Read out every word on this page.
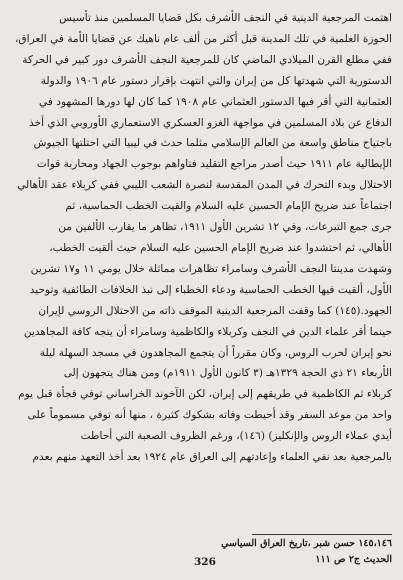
اهتمت المرجعية الدينية في النجف الأشرف بكل قضايا المسلمين منذ تأسيس
الحوزة العلمية في تلك المدينة قبل أكثر من ألف عام ناهيك عن قضايا الأمة في العراق،
ففي مطلع القرن الميلادي الماضي كان للمرجعية النجف الأشرف دور كبير في الحركة
الدستورية التي شهدتها كل من إيران والتي انتهت بإقرار دستور عام ١٩٠٦ والدولة
العثمانية التي أقر فيها الدستور العثماني عام ١٩٠٨ كما كان لها دورها المشهود في
الدفاع عن بلاد المسلمين في مواجهة الغزو العسكري الاستعماري الأوروبي الذي أخذ
باجتياح مناطق واسعة من العالم الإسلامي مثلما حدث في ليبيا التي احتلتها الجيوش
الإيطالية عام ١٩١١ حيث أصدر مراجع التقليد فتاواهم بوجوب الجهاد ومحاربة قوات
الاحتلال وبدء التحرك في المدن المقدسة لنصرة الشعب الليبي ففي كربلاء عقد الأهالي
اجتماعاً عند ضريح الإمام الحسين عليه السلام والقيت الخطب الحماسية، ثم
جرى جمع التبرعات، وفي ١٢ تشرين الأول ١٩١١، تظاهر ما يقارب الألفين من
الأهالي، ثم احتشدوا عند ضريح الإمام الحسين عليه السلام حيث ألقيت الخطب،
وشهدت مدينتا النجف الأشرف وسامراء تظاهرات مماثلة خلال يومي ١١ و١٧ تشرين
الأول، ألقيت فيها الخطب الحماسية ودعاء الخطباء إلى نبذ الخلافات الطائفية وتوحيد
الجهود.(١٤٥) كما وقفت المرجعية الدينية الموقف ذاته من الاحتلال الروسي لإيران
حينما أقر علماء الدين في النجف وكربلاء والكاظمية وسامراء أن يتجه كافة المجاهدين
نحو إيران لحرب الروس، وكان مقرراً أن يتجمع المجاهدون في مسجد السهلة ليلة
الأربعاء ٢١ ذي الحجة ١٣٢٩هـ (٣ كانون الأول ١٩١١م) ومن هناك يتجهون إلى
كربلاء ثم الكاظمية في طريقهم إلى إيران، لكن الآخوند الخراساني توفي فجأة قبل يوم
واحد من موعد السفر وقد أحيطت وفاته بشكوك كثيرة ، منها أنه توفي مسموماً على
أيدي عملاء الروس والإنكليز) (١٤٦)، ورغم الظروف الصعبة التي أحاطت
بالمرجعية بعد نفي العلماء وإعادتهم إلى العراق عام ١٩٢٤ بعد أخذ التعهد منهم بعدم
١٤٥،١٤٦ حسن شبر ،تاريخ العراق السياسي
الحديث ج٢ ص ١١١
326
